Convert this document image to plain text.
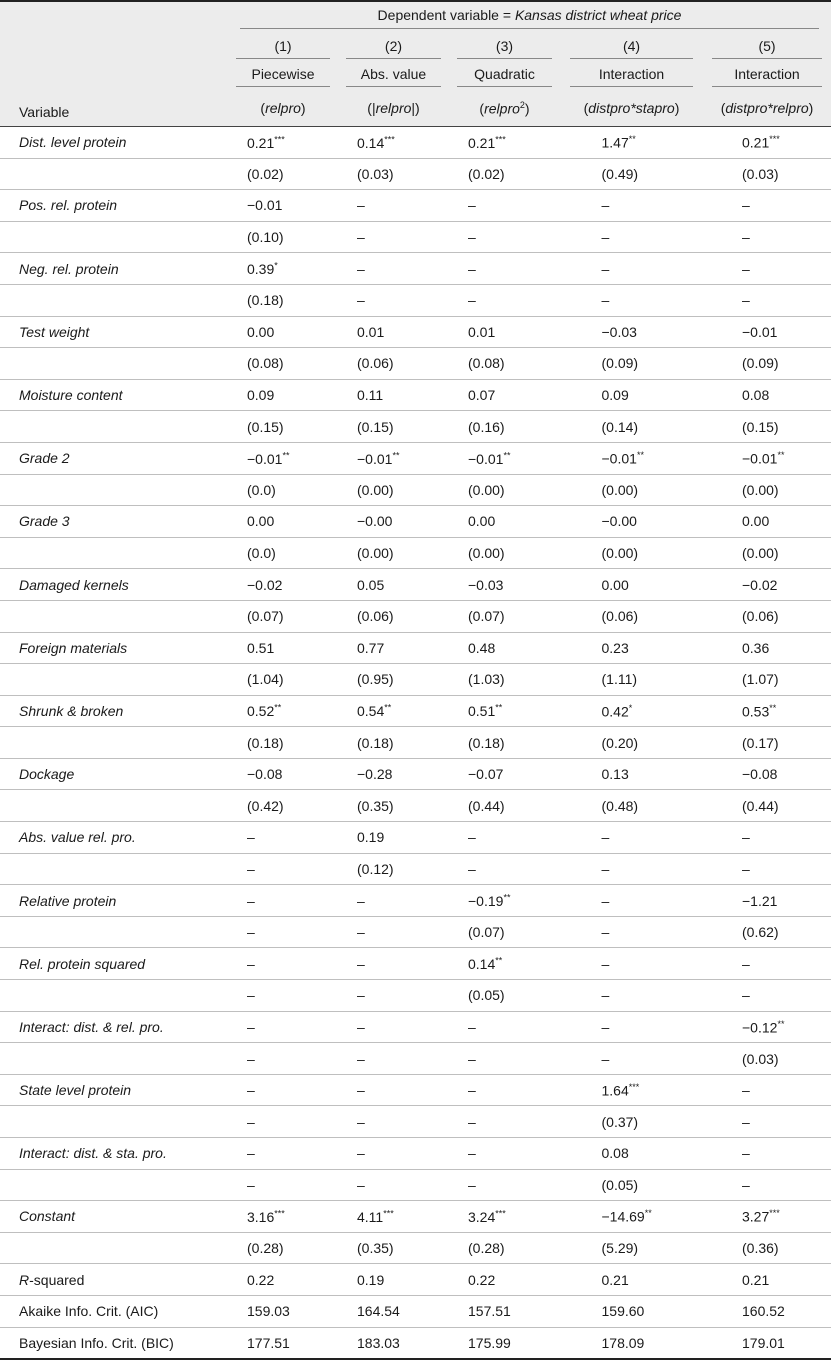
	Dependent variable = Kansas district wheat price				
	(1)	(2)	(3)	(4)	(5)
	Piecewise	Abs. value	Quadratic	Interaction	Interaction
Variable	(relpro)	(|relpro|)	(relpro$^2$)	(distpro*stapro)	(distpro*relpro)
Dist. level protein	0.21***	0.14***	0.21***	1.47**	0.21***
	(0.02)	(0.03)	(0.02)	(0.49)	(0.03)
Pos. rel. protein	−0.01	–	–	–	–
	(0.10)	–	–	–	–
Neg. rel. protein	0.39*	–	–	–	–
	(0.18)	–	–	–	–
Test weight	0.00	0.01	0.01	−0.03	−0.01
	(0.08)	(0.06)	(0.08)	(0.09)	(0.09)
Moisture content	0.09	0.11	0.07	0.09	0.08
	(0.15)	(0.15)	(0.16)	(0.14)	(0.15)
Grade 2	−0.01**	−0.01**	−0.01**	−0.01**	−0.01**
	(0.0)	(0.00)	(0.00)	(0.00)	(0.00)
Grade 3	0.00	−0.00	0.00	−0.00	0.00
	(0.0)	(0.00)	(0.00)	(0.00)	(0.00)
Damaged kernels	−0.02	0.05	−0.03	0.00	−0.02
	(0.07)	(0.06)	(0.07)	(0.06)	(0.06)
Foreign materials	0.51	0.77	0.48	0.23	0.36
	(1.04)	(0.95)	(1.03)	(1.11)	(1.07)
Shrunk & broken	0.52**	0.54**	0.51**	0.42*	0.53**
	(0.18)	(0.18)	(0.18)	(0.20)	(0.17)
Dockage	−0.08	−0.28	−0.07	0.13	−0.08
	(0.42)	(0.35)	(0.44)	(0.48)	(0.44)
Abs. value rel. pro.	–	0.19	–	–	–
	–	(0.12)	–	–	–
Relative protein	–	–	−0.19**	–	−1.21
	–	–	(0.07)	–	(0.62)
Rel. protein squared	–	–	0.14**	–	–
	–	–	(0.05)	–	–
Interact: dist. & rel. pro.	–	–	–	–	−0.12**
	–	–	–	–	(0.03)
State level protein	–	–	–	1.64***	–
	–	–	–	(0.37)	–
Interact: dist. & sta. pro.	–	–	–	0.08	–
	–	–	–	(0.05)	–
Constant	3.16***	4.11***	3.24***	−14.69**	3.27***
	(0.28)	(0.35)	(0.28)	(5.29)	(0.36)
R-squared	0.22	0.19	0.22	0.21	0.21
Akaike Info. Crit. (AIC)	159.03	164.54	157.51	159.60	160.52
Bayesian Info. Crit. (BIC)	177.51	183.03	175.99	178.09	179.01
